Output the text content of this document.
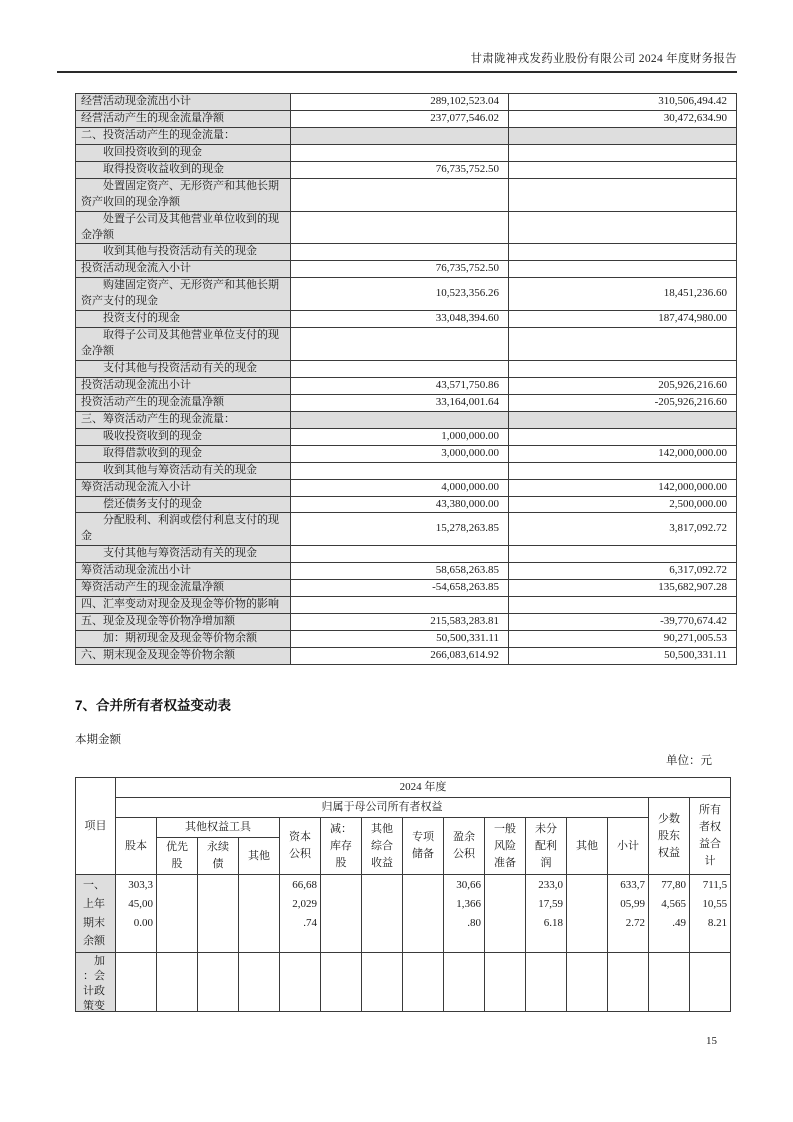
甘肃陇神戎发药业股份有限公司 2024 年度财务报告
经营活动现金流出小计	289,102,523.04	310,506,494.42
经营活动产生的现金流量净额	237,077,546.02	30,472,634.90
二、投资活动产生的现金流量：		
收回投资收到的现金		
取得投资收益收到的现金	76,735,752.50	
处置固定资产、无形资产和其他长期资产收回的现金净额		
处置子公司及其他营业单位收到的现金净额		
收到其他与投资活动有关的现金		
投资活动现金流入小计	76,735,752.50	
购建固定资产、无形资产和其他长期资产支付的现金	10,523,356.26	18,451,236.60
投资支付的现金	33,048,394.60	187,474,980.00
取得子公司及其他营业单位支付的现金净额		
支付其他与投资活动有关的现金		
投资活动现金流出小计	43,571,750.86	205,926,216.60
投资活动产生的现金流量净额	33,164,001.64	-205,926,216.60
三、筹资活动产生的现金流量：		
吸收投资收到的现金	1,000,000.00	
取得借款收到的现金	3,000,000.00	142,000,000.00
收到其他与筹资活动有关的现金		
筹资活动现金流入小计	4,000,000.00	142,000,000.00
偿还债务支付的现金	43,380,000.00	2,500,000.00
分配股利、利润或偿付利息支付的现金	15,278,263.85	3,817,092.72
支付其他与筹资活动有关的现金		
筹资活动现金流出小计	58,658,263.85	6,317,092.72
筹资活动产生的现金流量净额	-54,658,263.85	135,682,907.28
四、汇率变动对现金及现金等价物的影响		
五、现金及现金等价物净增加额	215,583,283.81	-39,770,674.42
加：期初现金及现金等价物余额	50,500,331.11	90,271,005.53
六、期末现金及现金等价物余额	266,083,614.92	50,500,331.11
7、合并所有者权益变动表
本期金额
单位：元
项目	2024 年度														
	归属于母公司所有者权益													少数股东权益	所有者权益合计
	股本	其他权益工具			资本公积	减：库存股	其他综合收益	专项储备	盈余公积	一般风险准备	未分配利润	其他	小计		
		优先股	永续债	其他											
一、上年期末余额	303,345,000.00				66,682,029.74				30,661,366.80		233,017,596.18		633,705,992.72	77,804,565.49	711,510,558.21

　加：会计政策变															

15
